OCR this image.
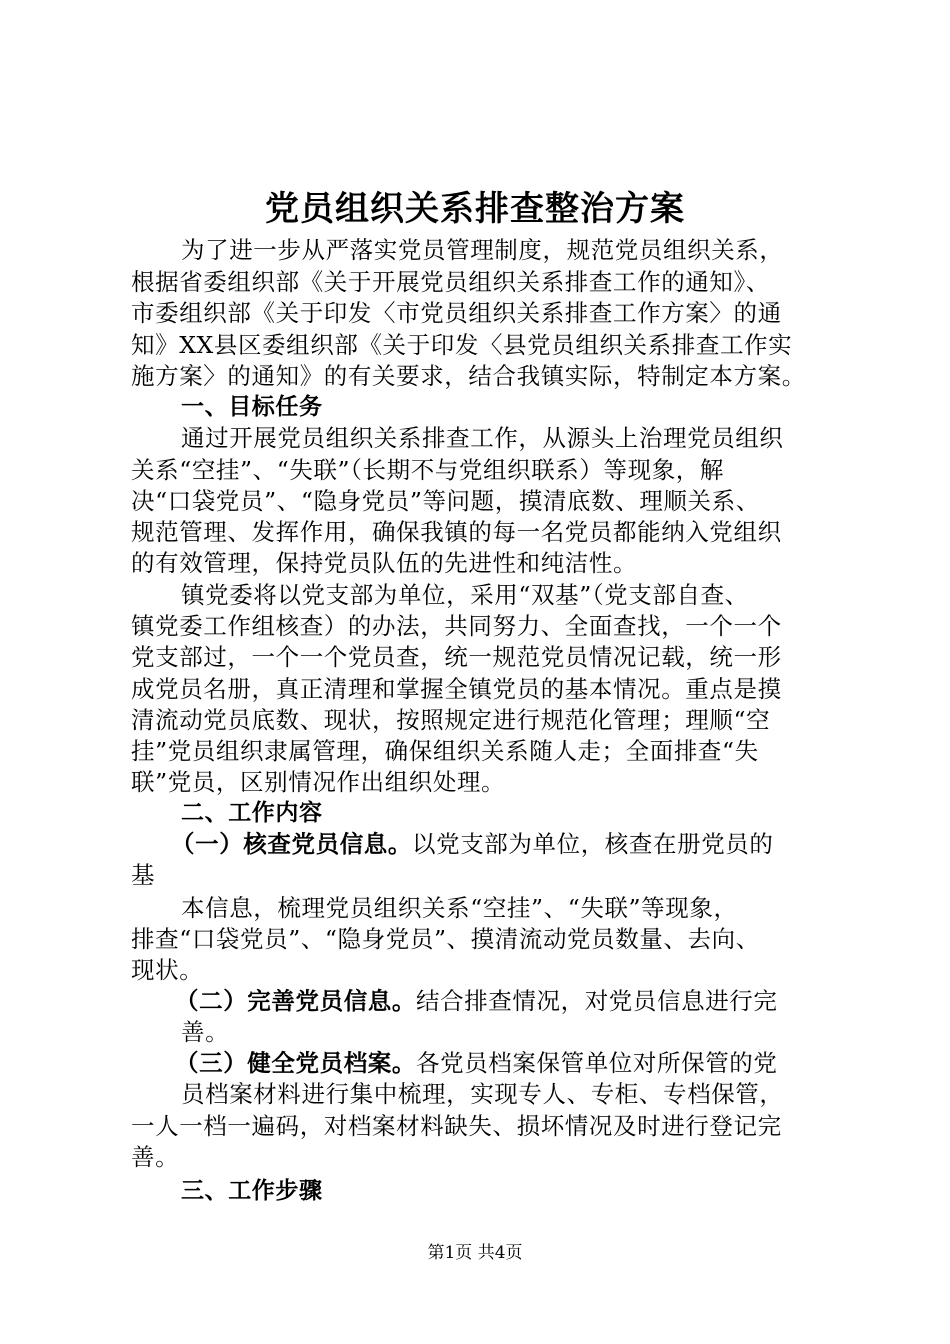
党员组织关系排查整治方案
为了进一步从严落实党员管理制度，规范党员组织关系，
根据省委组织部《关于开展党员组织关系排查工作的通知》、
市委组织部《关于印发〈市党员组织关系排查工作方案〉的通
知》XX县区委组织部《关于印发〈县党员组织关系排查工作实
施方案〉的通知》的有关要求，结合我镇实际，特制定本方案。
一、目标任务
通过开展党员组织关系排查工作，从源头上治理党员组织
关系“空挂”、“失联”（长期不与党组织联系）等现象，解
决“口袋党员”、“隐身党员”等问题，摸清底数、理顺关系、
规范管理、发挥作用，确保我镇的每一名党员都能纳入党组织
的有效管理，保持党员队伍的先进性和纯洁性。
镇党委将以党支部为单位，采用“双基”（党支部自查、
镇党委工作组核查）的办法，共同努力、全面查找，一个一个
党支部过，一个一个党员查，统一规范党员情况记载，统一形
成党员名册，真正清理和掌握全镇党员的基本情况。重点是摸
清流动党员底数、现状，按照规定进行规范化管理；理顺“空
挂”党员组织隶属管理，确保组织关系随人走；全面排查“失
联”党员，区别情况作出组织处理。
二、工作内容
（一）核查党员信息。以党支部为单位，核查在册党员的
基
本信息，梳理党员组织关系“空挂”、“失联”等现象，
排查“口袋党员”、“隐身党员”、摸清流动党员数量、去向、
现状。
（二）完善党员信息。结合排查情况，对党员信息进行完
善。
（三）健全党员档案。各党员档案保管单位对所保管的党
员档案材料进行集中梳理，实现专人、专柜、专档保管，
一人一档一遍码，对档案材料缺失、损坏情况及时进行登记完
善。
三、工作步骤
第1页 共4页
